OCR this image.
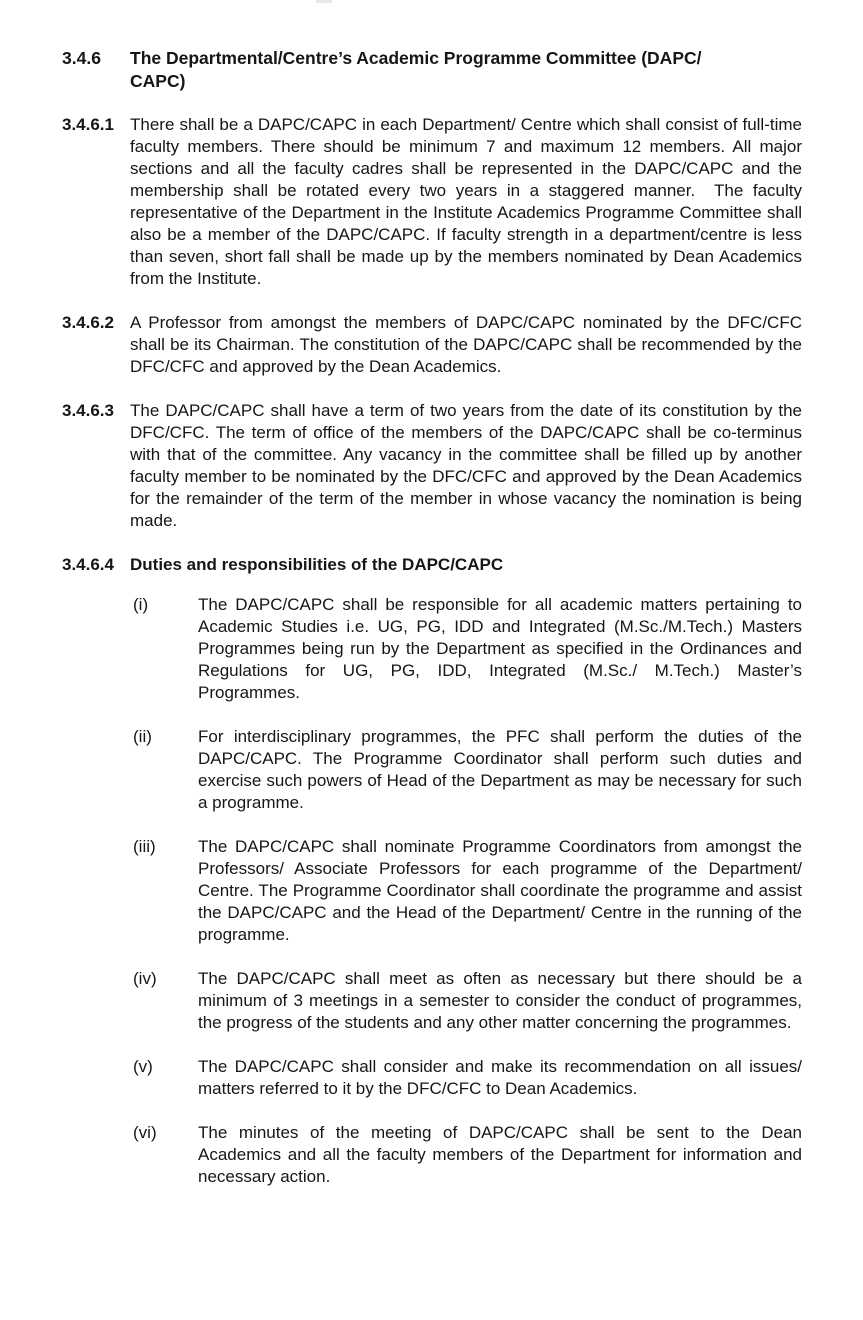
3.4.6	The Departmental/Centre’s Academic Programme Committee (DAPC/
CAPC)
3.4.6.1 There shall be a DAPC/CAPC in each Department/ Centre which shall consist of full-time faculty members. There should be minimum 7 and maximum 12 members. All major sections and all the faculty cadres shall be represented in the DAPC/CAPC and the membership shall be rotated every two years in a staggered manner.  The faculty representative of the Department in the Institute Academics Programme Committee shall also be a member of the DAPC/CAPC. If faculty strength in a department/centre is less than seven, short fall shall be made up by the members nominated by Dean Academics from the Institute.
3.4.6.2 A Professor from amongst the members of DAPC/CAPC nominated by the DFC/CFC shall be its Chairman. The constitution of the DAPC/CAPC shall be recommended by the DFC/CFC and approved by the Dean Academics.
3.4.6.3 The DAPC/CAPC shall have a term of two years from the date of its constitution by the DFC/CFC. The term of office of the members of the DAPC/CAPC shall be co-terminus with that of the committee. Any vacancy in the committee shall be filled up by another faculty member to be nominated by the DFC/​CFC and approved by the Dean Academics for the remainder of the term of the member in whose vacancy the nomination is being made.
3.4.6.4 Duties and responsibilities of the DAPC/CAPC
(i)	The DAPC/CAPC shall be responsible for all academic matters pertaining to Academic Studies i.e. UG, PG, IDD and Integrated (M.Sc./M.Tech.) Masters Programmes being run by the Department as specified in the Ordinances and Regulations for UG, PG, IDD, Integrated (M.Sc./ M.Tech.) Master’s Programmes.
(ii)	For interdisciplinary programmes, the PFC shall perform the duties of the DAPC/CAPC. The Programme Coordinator shall perform such duties and exercise such powers of Head of the Department as may be necessary for such a programme.
(iii)	The DAPC/CAPC shall nominate Programme Coordinators from amongst the Professors/ Associate Professors for each programme of the Department/ Centre. The Programme Coordinator shall coordinate the programme and assist the DAPC/CAPC and the Head of the Department/ Centre in the running of the programme.
(iv)	The DAPC/CAPC shall meet as often as necessary but there should be a minimum of 3 meetings in a semester to consider the conduct of programmes, the progress of the students and any other matter concerning the programmes.
(v)	The DAPC/CAPC shall consider and make its recommendation on all issues/ matters referred to it by the DFC/CFC to Dean Academics.
(vi)	The minutes of the meeting of DAPC/CAPC shall be sent to the Dean Academics and all the faculty members of the Department for information and necessary action.
